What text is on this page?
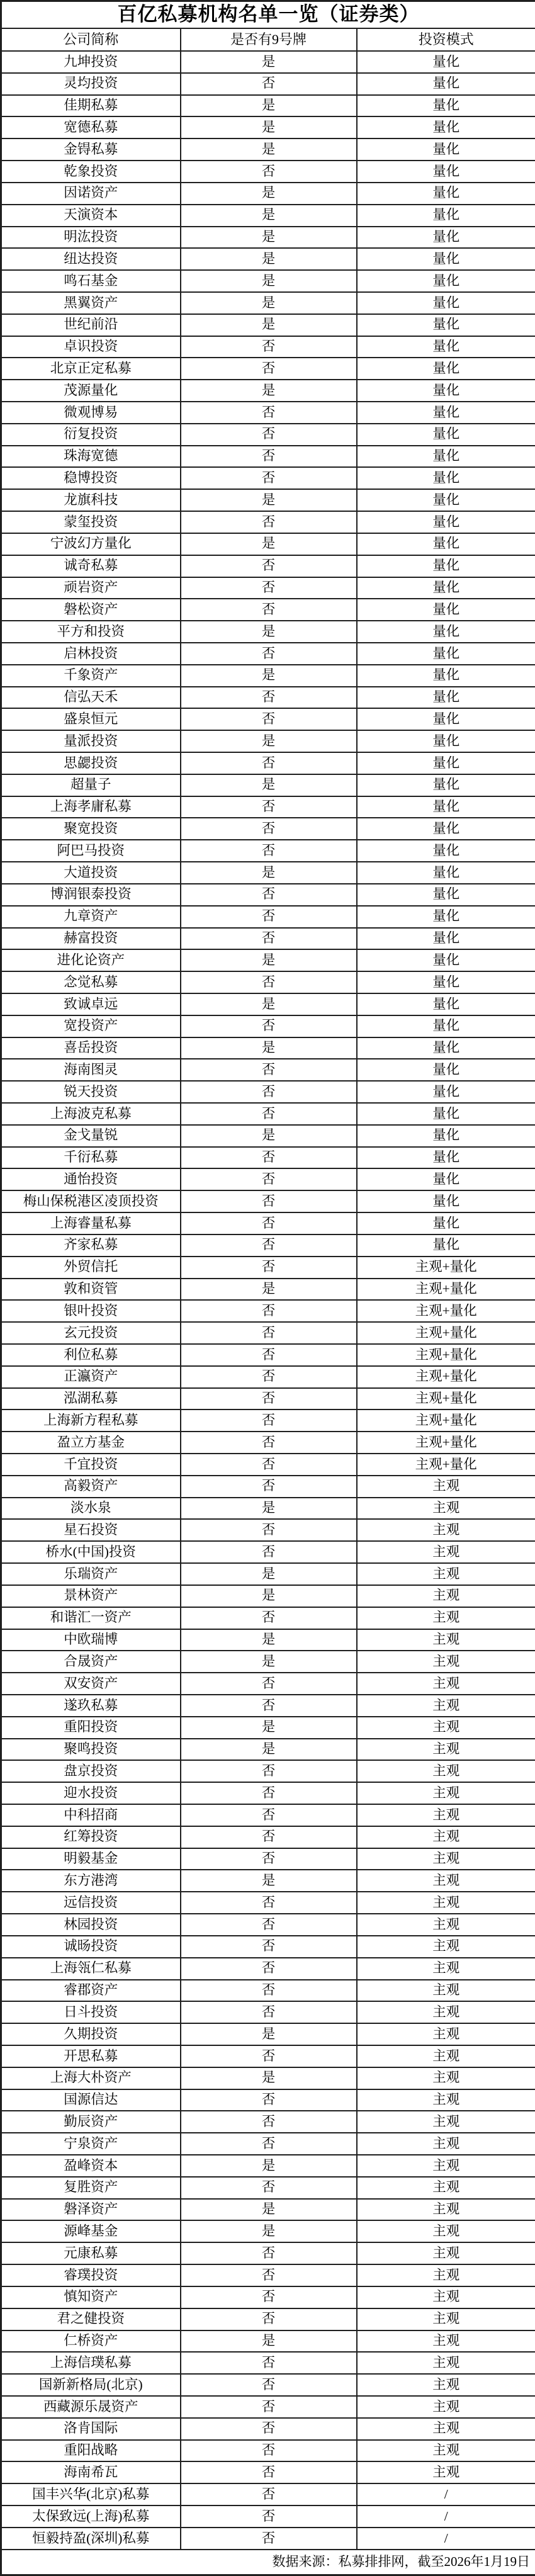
百亿私募机构名单一览（证券类）		
公司简称	是否有9号牌	投资模式
九坤投资	是	量化
灵均投资	否	量化
佳期私募	是	量化
宽德私募	是	量化
金锝私募	是	量化
乾象投资	否	量化
因诺资产	是	量化
天演资本	是	量化
明汯投资	是	量化
纽达投资	是	量化
鸣石基金	是	量化
黑翼资产	是	量化
世纪前沿	是	量化
卓识投资	否	量化
北京正定私募	否	量化
茂源量化	是	量化
微观博易	否	量化
衍复投资	否	量化
珠海宽德	否	量化
稳博投资	否	量化
龙旗科技	是	量化
蒙玺投资	否	量化
宁波幻方量化	是	量化
诚奇私募	否	量化
顽岩资产	否	量化
磐松资产	否	量化
平方和投资	是	量化
启林投资	否	量化
千象资产	是	量化
信弘天禾	否	量化
盛泉恒元	否	量化
量派投资	是	量化
思勰投资	否	量化
超量子	是	量化
上海孝庸私募	否	量化
聚宽投资	否	量化
阿巴马投资	否	量化
大道投资	是	量化
博润银泰投资	否	量化
九章资产	否	量化
赫富投资	否	量化
进化论资产	是	量化
念觉私募	否	量化
致诚卓远	是	量化
宽投资产	否	量化
喜岳投资	是	量化
海南图灵	否	量化
锐天投资	否	量化
上海波克私募	否	量化
金戈量锐	是	量化
千衍私募	否	量化
通怡投资	否	量化
梅山保税港区凌顶投资	否	量化
上海睿量私募	否	量化
齐家私募	否	量化
外贸信托	否	主观+量化
敦和资管	是	主观+量化
银叶投资	否	主观+量化
玄元投资	否	主观+量化
利位私募	否	主观+量化
正瀛资产	否	主观+量化
泓湖私募	否	主观+量化
上海新方程私募	否	主观+量化
盈立方基金	否	主观+量化
千宜投资	否	主观+量化
高毅资产	否	主观
淡水泉	是	主观
星石投资	否	主观
桥水(中国)投资	否	主观
乐瑞资产	是	主观
景林资产	是	主观
和谐汇一资产	否	主观
中欧瑞博	是	主观
合晟资产	是	主观
双安资产	否	主观
遂玖私募	否	主观
重阳投资	是	主观
聚鸣投资	是	主观
盘京投资	否	主观
迎水投资	否	主观
中科招商	否	主观
红筹投资	否	主观
明毅基金	否	主观
东方港湾	是	主观
远信投资	否	主观
林园投资	否	主观
诚旸投资	否	主观
上海瓴仁私募	否	主观
睿郡资产	否	主观
日斗投资	否	主观
久期投资	是	主观
开思私募	否	主观
上海大朴资产	是	主观
国源信达	否	主观
勤辰资产	否	主观
宁泉资产	否	主观
盈峰资本	是	主观
复胜资产	否	主观
磐泽资产	是	主观
源峰基金	是	主观
元康私募	否	主观
睿璞投资	否	主观
慎知资产	否	主观
君之健投资	否	主观
仁桥资产	是	主观
上海信璞私募	否	主观
国新新格局(北京)	否	主观
西藏源乐晟资产	否	主观
洛肯国际	否	主观
重阳战略	否	主观
海南希瓦	否	主观
国丰兴华(北京)私募	否	/
太保致远(上海)私募	否	/
恒毅持盈(深圳)私募	否	/
数据来源：私募排排网，截至2026年1月19日		
